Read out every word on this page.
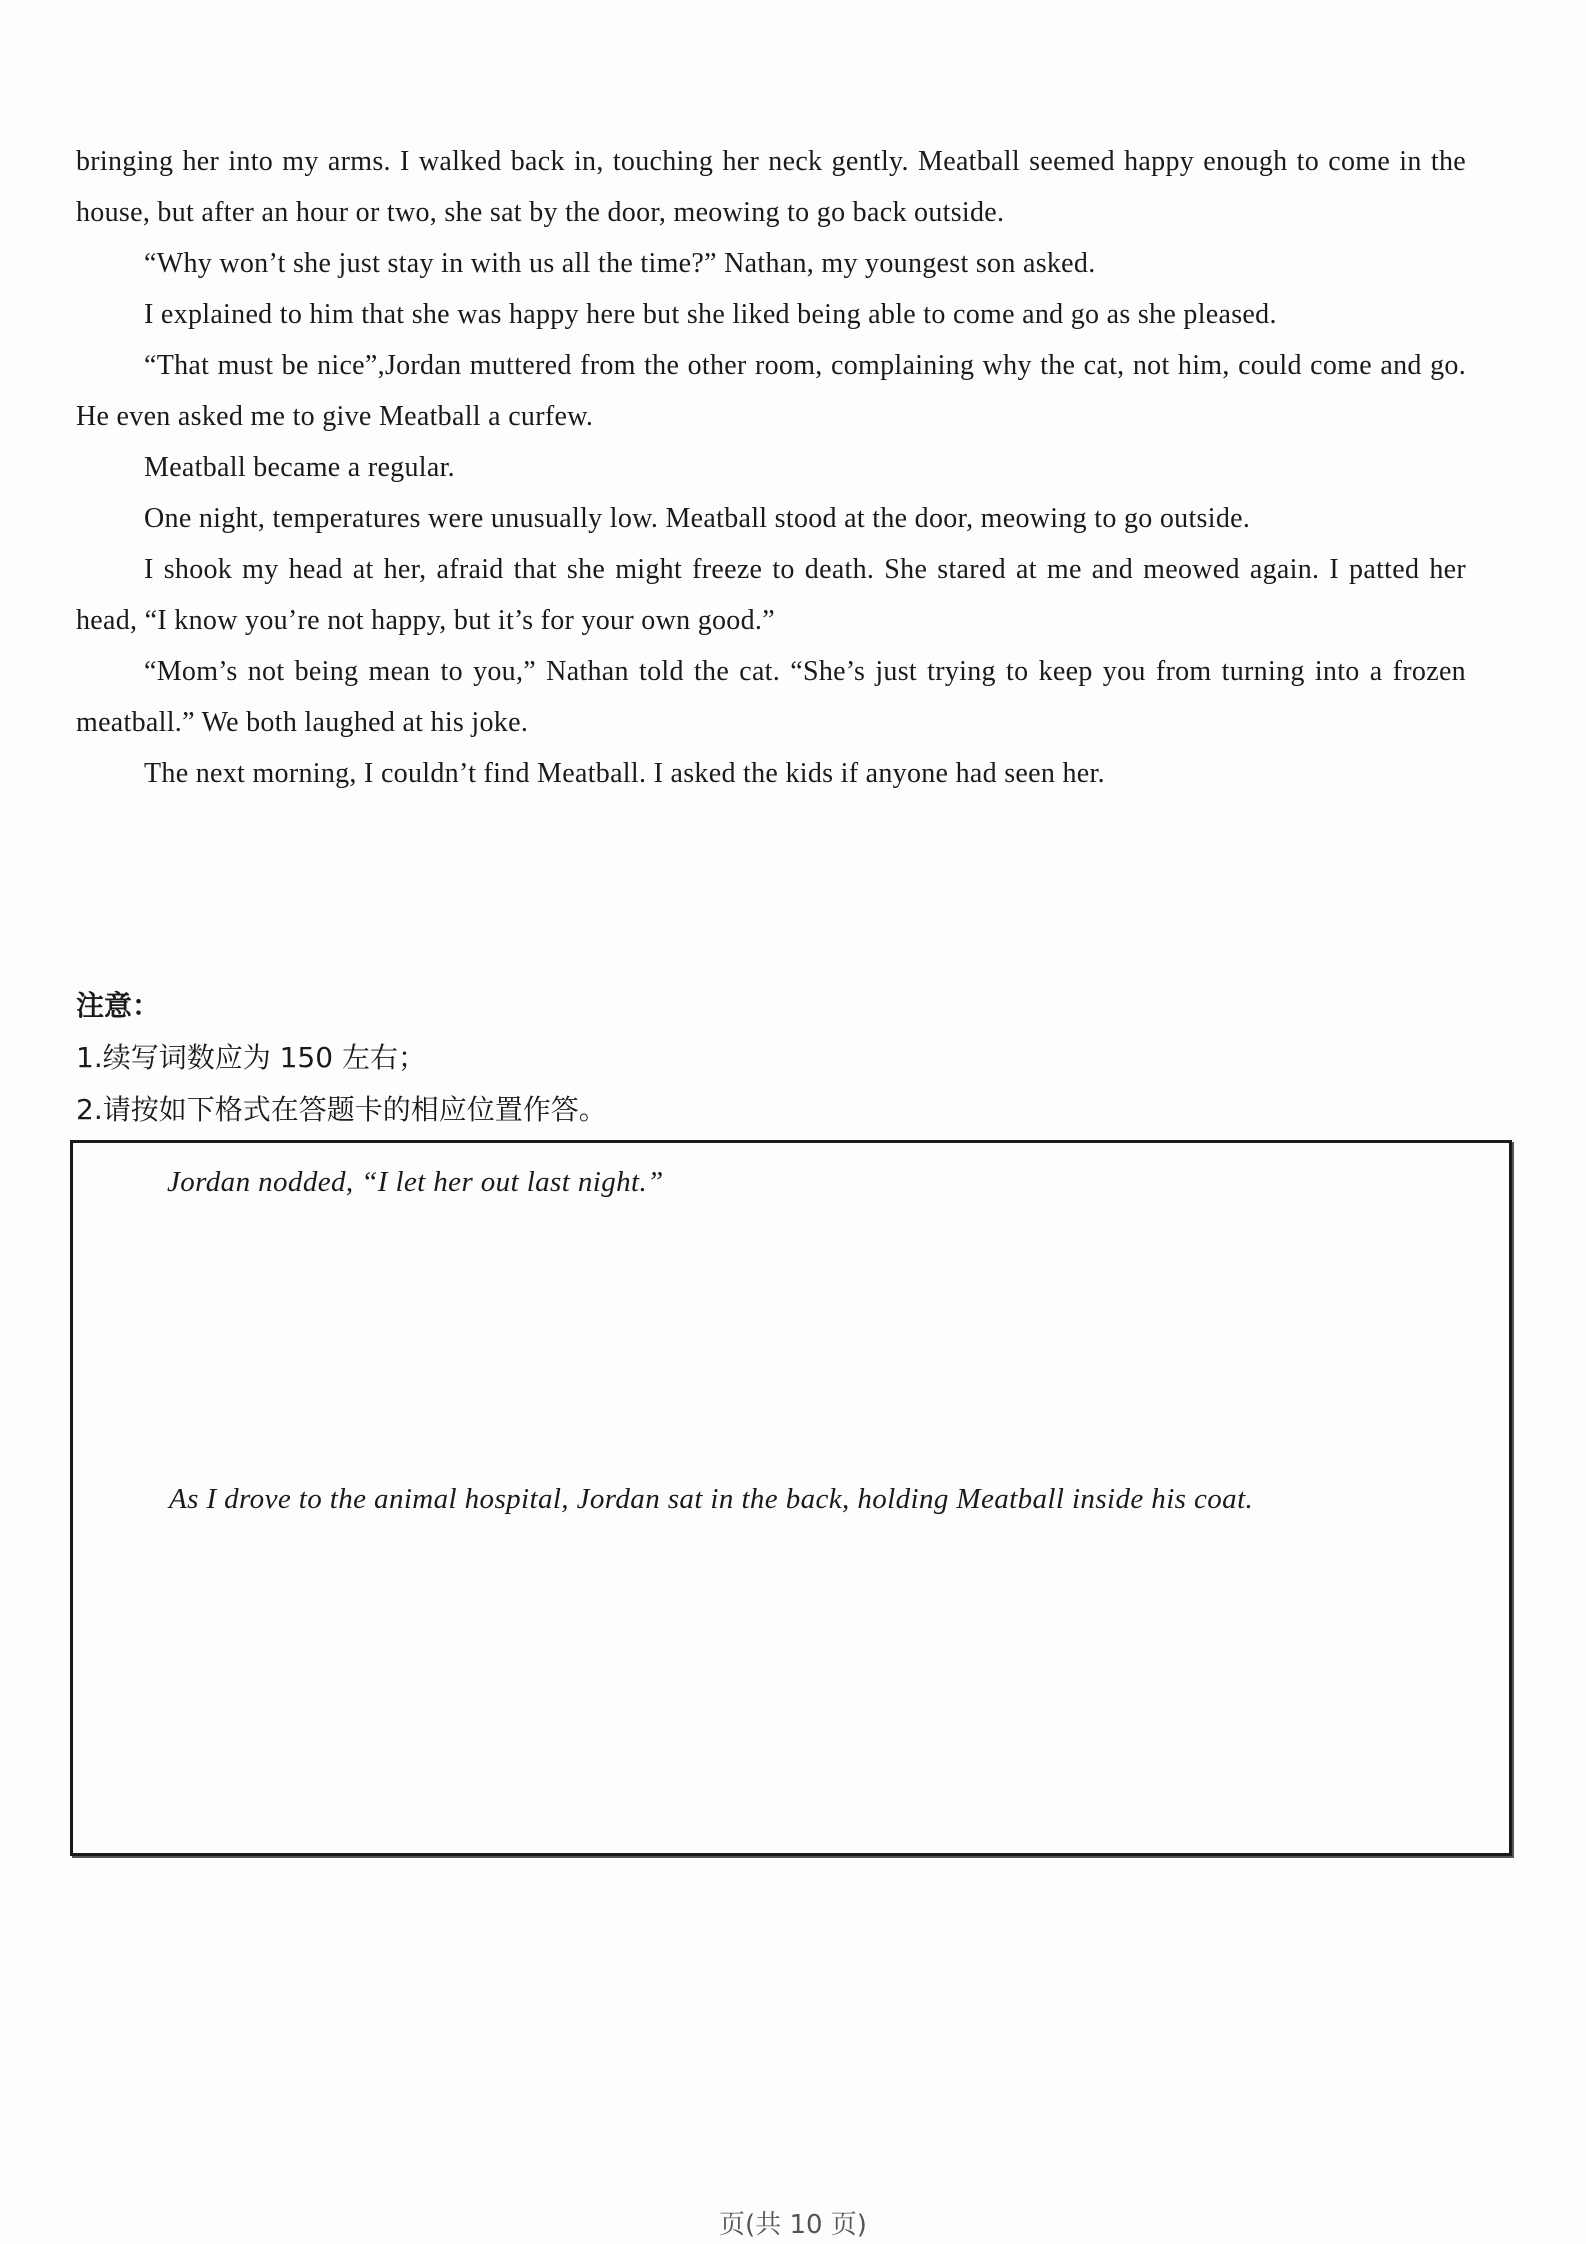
bringing her into my arms. I walked back in, touching her neck gently. Meatball seemed happy enough to come in the house, but after an hour or two, she sat by the door, meowing to go back outside.

“Why won’t she just stay in with us all the time?” Nathan, my youngest son asked.

I explained to him that she was happy here but she liked being able to come and go as she pleased.

“That must be nice”,Jordan muttered from the other room, complaining why the cat, not him, could come and go. He even asked me to give Meatball a curfew.

Meatball became a regular.

One night, temperatures were unusually low. Meatball stood at the door, meowing to go outside.

I shook my head at her, afraid that she might freeze to death. She stared at me and meowed again. I patted her head, “I know you’re not happy, but it’s for your own good.”

“Mom’s not being mean to you,” Nathan told the cat. “She’s just trying to keep you from turning into a frozen meatball.” We both laughed at his joke.

The next morning, I couldn’t find Meatball. I asked the kids if anyone had seen her.

注意：
1.续写词数应为 150 左右；
2.请按如下格式在答题卡的相应位置作答。
Jordan nodded, “I let her out last night.”
As I drove to the animal hospital, Jordan sat in the back, holding Meatball inside his coat.
页(共 10 页)
